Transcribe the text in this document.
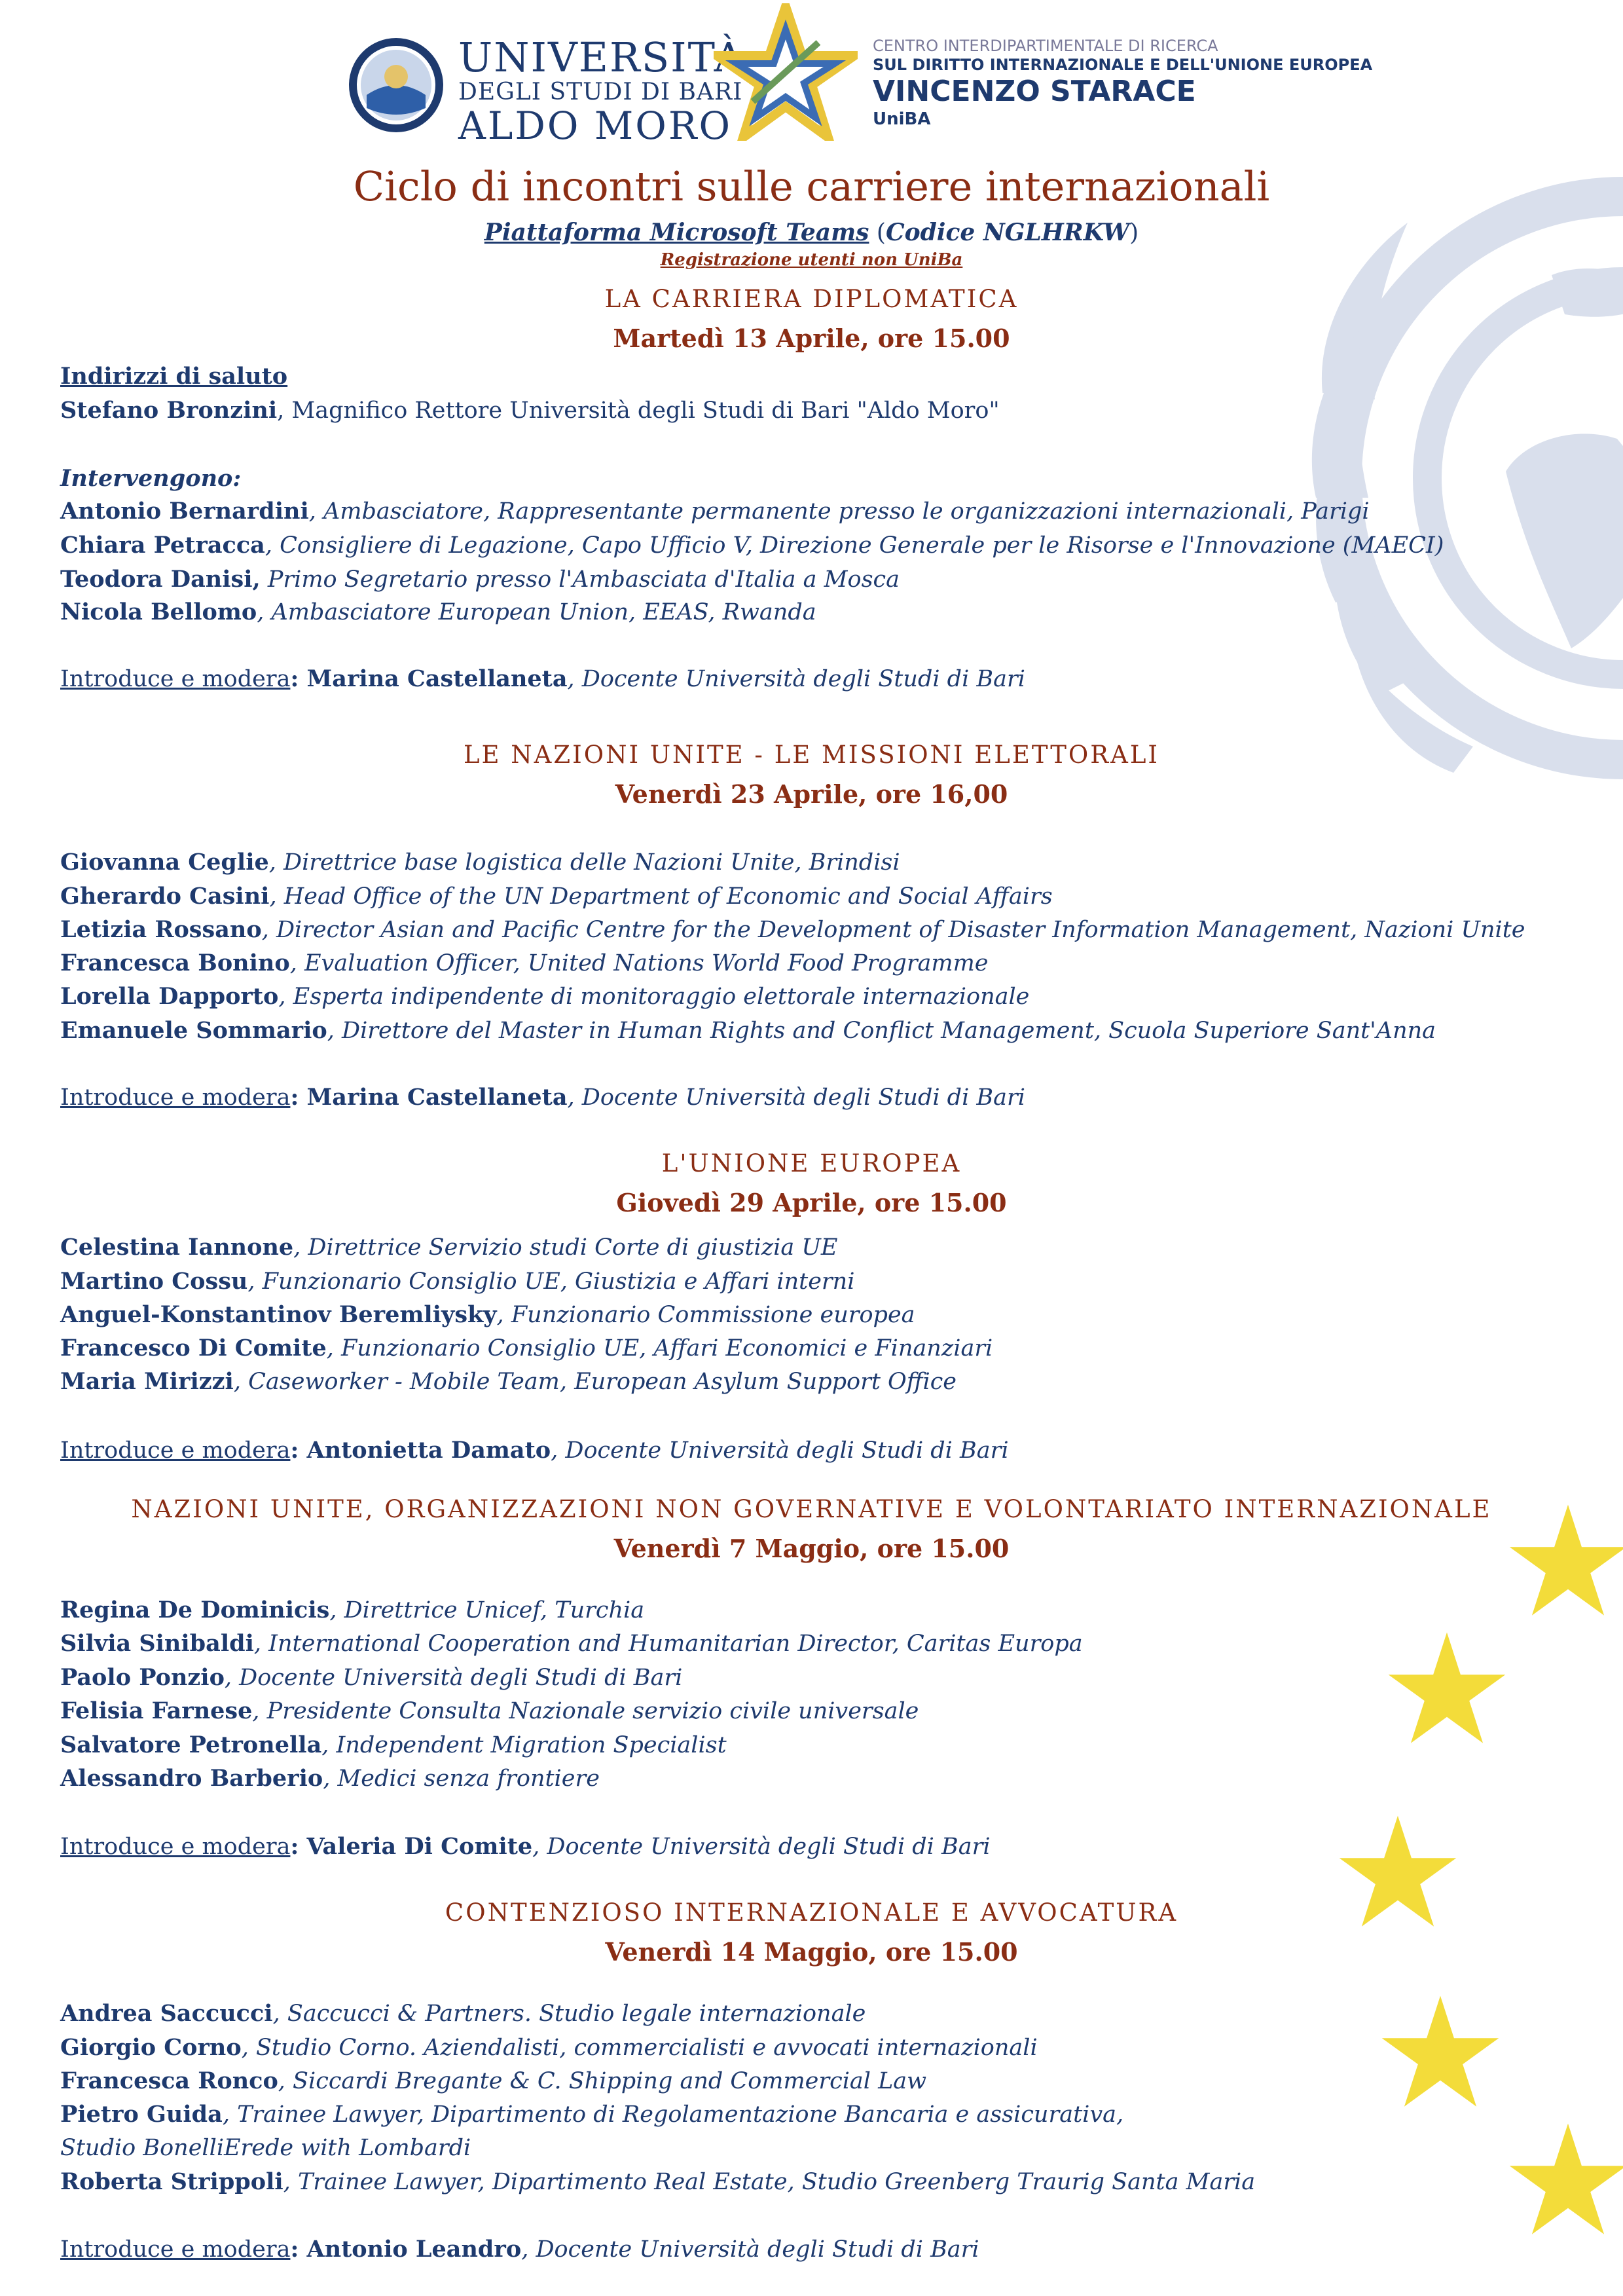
UNIVERSITÀ
DEGLI STUDI DI BARI
ALDO MORO
CENTRO INTERDIPARTIMENTALE DI RICERCA
SUL DIRITTO INTERNAZIONALE E DELL'UNIONE EUROPEA
VINCENZO STARACE
UniBA
Ciclo di incontri sulle carriere internazionali
Piattaforma Microsoft Teams (Codice NGLHRKW)
Registrazione utenti non UniBa
LA CARRIERA DIPLOMATICA
Martedì 13 Aprile, ore 15.00
Indirizzi di saluto
Stefano Bronzini, Magnifico Rettore Università degli Studi di Bari "Aldo Moro"
Intervengono:
Antonio Bernardini, Ambasciatore, Rappresentante permanente presso le organizzazioni internazionali, Parigi
Chiara Petracca, Consigliere di Legazione, Capo Ufficio V, Direzione Generale per le Risorse e l'Innovazione (MAECI)
Teodora Danisi, Primo Segretario presso l'Ambasciata d'Italia a Mosca
Nicola Bellomo, Ambasciatore European Union, EEAS, Rwanda
Introduce e modera: Marina Castellaneta, Docente Università degli Studi di Bari
LE NAZIONI UNITE - LE MISSIONI ELETTORALI
Venerdì 23 Aprile, ore 16,00
Giovanna Ceglie, Direttrice base logistica delle Nazioni Unite, Brindisi
Gherardo Casini, Head Office of the UN Department of Economic and Social Affairs
Letizia Rossano, Director Asian and Pacific Centre for the Development of Disaster Information Management, Nazioni Unite
Francesca Bonino, Evaluation Officer, United Nations World Food Programme
Lorella Dapporto, Esperta indipendente di monitoraggio elettorale internazionale
Emanuele Sommario, Direttore del Master in Human Rights and Conflict Management, Scuola Superiore Sant'Anna
Introduce e modera: Marina Castellaneta, Docente Università degli Studi di Bari
L'UNIONE EUROPEA
Giovedì 29 Aprile, ore 15.00
Celestina Iannone, Direttrice Servizio studi Corte di giustizia UE
Martino Cossu, Funzionario Consiglio UE, Giustizia e Affari interni
Anguel-Konstantinov Beremliysky, Funzionario Commissione europea
Francesco Di Comite, Funzionario Consiglio UE, Affari Economici e Finanziari
Maria Mirizzi, Caseworker - Mobile Team, European Asylum Support Office
Introduce e modera: Antonietta Damato, Docente Università degli Studi di Bari
NAZIONI UNITE, ORGANIZZAZIONI NON GOVERNATIVE E VOLONTARIATO INTERNAZIONALE
Venerdì 7 Maggio, ore 15.00
Regina De Dominicis, Direttrice Unicef, Turchia
Silvia Sinibaldi, International Cooperation and Humanitarian Director, Caritas Europa
Paolo Ponzio, Docente Università degli Studi di Bari
Felisia Farnese, Presidente Consulta Nazionale servizio civile universale
Salvatore Petronella, Independent Migration Specialist
Alessandro Barberio, Medici senza frontiere
Introduce e modera: Valeria Di Comite, Docente Università degli Studi di Bari
CONTENZIOSO INTERNAZIONALE E AVVOCATURA
Venerdì 14 Maggio, ore 15.00
Andrea Saccucci, Saccucci & Partners. Studio legale internazionale
Giorgio Corno, Studio Corno. Aziendalisti, commercialisti e avvocati internazionali
Francesca Ronco, Siccardi Bregante & C. Shipping and Commercial Law
Pietro Guida, Trainee Lawyer, Dipartimento di Regolamentazione Bancaria e assicurativa,
Studio BonelliErede with Lombardi
Roberta Strippoli, Trainee Lawyer, Dipartimento Real Estate, Studio Greenberg Traurig Santa Maria
Introduce e modera: Antonio Leandro, Docente Università degli Studi di Bari
